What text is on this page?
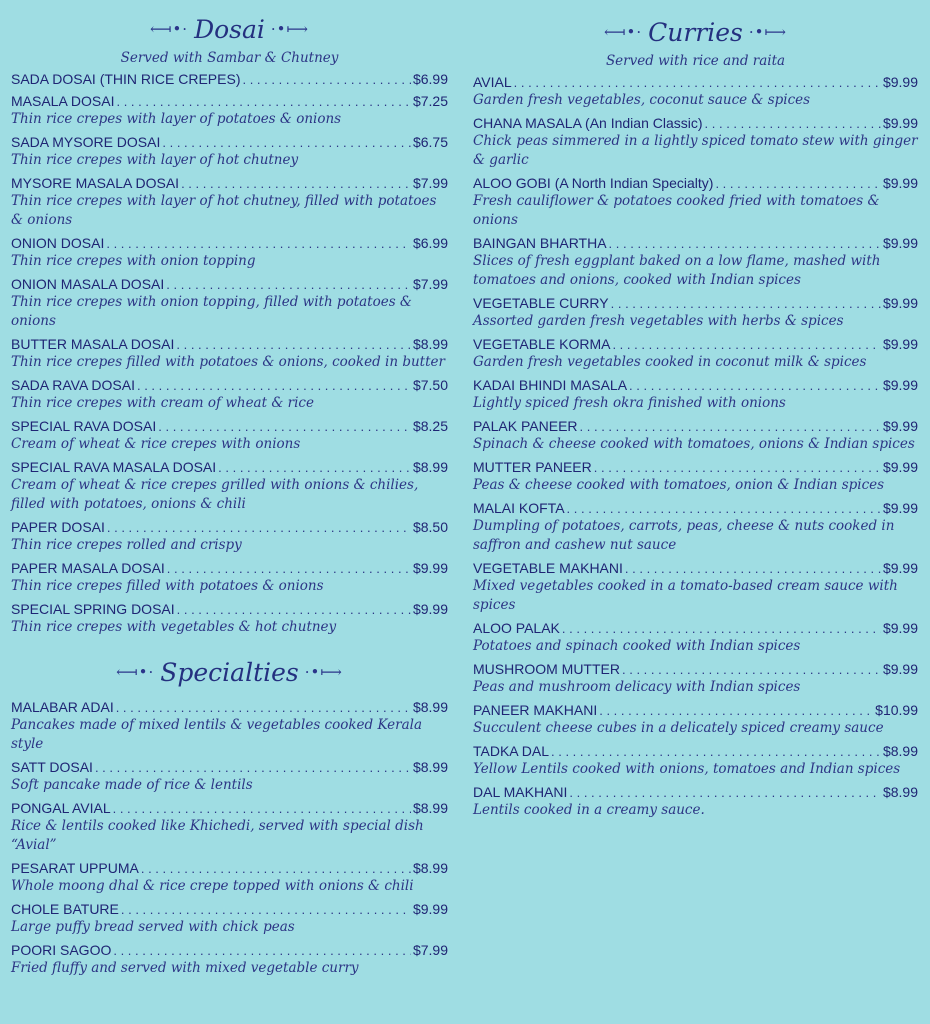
⟻•· Dosai ·•⟼
Served with Sambar & Chutney
SADA DOSAI (THIN RICE CREPES) . . .	$6.99
MASALA DOSAI . . .	$7.25
Thin rice crepes with layer of potatoes & onions
SADA MYSORE DOSAI . . .	$6.75
Thin rice crepes with layer of hot chutney
MYSORE MASALA DOSAI . . .	$7.99
Thin rice crepes with layer of hot chutney, filled with potatoes & onions
ONION DOSAI . . .	$6.99
Thin rice crepes with onion topping
ONION MASALA DOSAI . . .	$7.99
Thin rice crepes with onion topping, filled with potatoes & onions
BUTTER MASALA DOSAI . . .	$8.99
Thin rice crepes filled with potatoes & onions, cooked in butter
SADA RAVA DOSAI . . .	$7.50
Thin rice crepes with cream of wheat & rice
SPECIAL RAVA DOSAI . . .	$8.25
Cream of wheat & rice crepes with onions
SPECIAL RAVA MASALA DOSAI . . .	$8.99
Cream of wheat & rice crepes grilled with onions & chilies, filled with potatoes, onions & chili
PAPER DOSAI . . .	$8.50
Thin rice crepes rolled and crispy
PAPER MASALA DOSAI . . .	$9.99
Thin rice crepes filled with potatoes & onions
SPECIAL SPRING DOSAI . . .	$9.99
Thin rice crepes with vegetables & hot chutney
⟻•· Specialties ·•⟼
MALABAR ADAI . . .	$8.99
Pancakes made of mixed lentils & vegetables cooked Kerala style
SATT DOSAI . . .	$8.99
Soft pancake made of rice & lentils
PONGAL AVIAL . . .	$8.99
Rice & lentils cooked like Khichedi, served with special dish “Avial”
PESARAT UPPUMA . . .	$8.99
Whole moong dhal & rice crepe topped with onions & chili
CHOLE BATURE . . .	$9.99
Large puffy bread served with chick peas
POORI SAGOO . . .	$7.99
Fried fluffy and served with mixed vegetable curry
⟻•· Curries ·•⟼
Served with rice and raita
AVIAL . . .	$9.99
Garden fresh vegetables, coconut sauce & spices
CHANA MASALA (An Indian Classic) . . .	$9.99
Chick peas simmered in a lightly spiced tomato stew with ginger & garlic
ALOO GOBI (A North Indian Specialty) . . .	$9.99
Fresh cauliflower & potatoes cooked fried with tomatoes & onions
BAINGAN BHARTHA . . .	$9.99
Slices of fresh eggplant baked on a low flame, mashed with tomatoes and onions, cooked with Indian spices
VEGETABLE CURRY . . .	$9.99
Assorted garden fresh vegetables with herbs & spices
VEGETABLE KORMA . . .	$9.99
Garden fresh vegetables cooked in coconut milk & spices
KADAI BHINDI MASALA . . .	$9.99
Lightly spiced fresh okra finished with onions
PALAK PANEER . . .	$9.99
Spinach & cheese cooked with tomatoes, onions & Indian spices
MUTTER PANEER . . .	$9.99
Peas & cheese cooked with tomatoes, onion & Indian spices
MALAI KOFTA . . .	$9.99
Dumpling of potatoes, carrots, peas, cheese & nuts cooked in saffron and cashew nut sauce
VEGETABLE MAKHANI . . .	$9.99
Mixed vegetables cooked in a tomato-based cream sauce with spices
ALOO PALAK . . .	$9.99
Potatoes and spinach cooked with Indian spices
MUSHROOM MUTTER . . .	$9.99
Peas and mushroom delicacy with Indian spices
PANEER MAKHANI . . .	$10.99
Succulent cheese cubes in a delicately spiced creamy sauce
TADKA DAL . . .	$8.99
Yellow Lentils cooked with onions, tomatoes and Indian spices
DAL MAKHANI . . .	$8.99
Lentils cooked in a creamy sauce.
